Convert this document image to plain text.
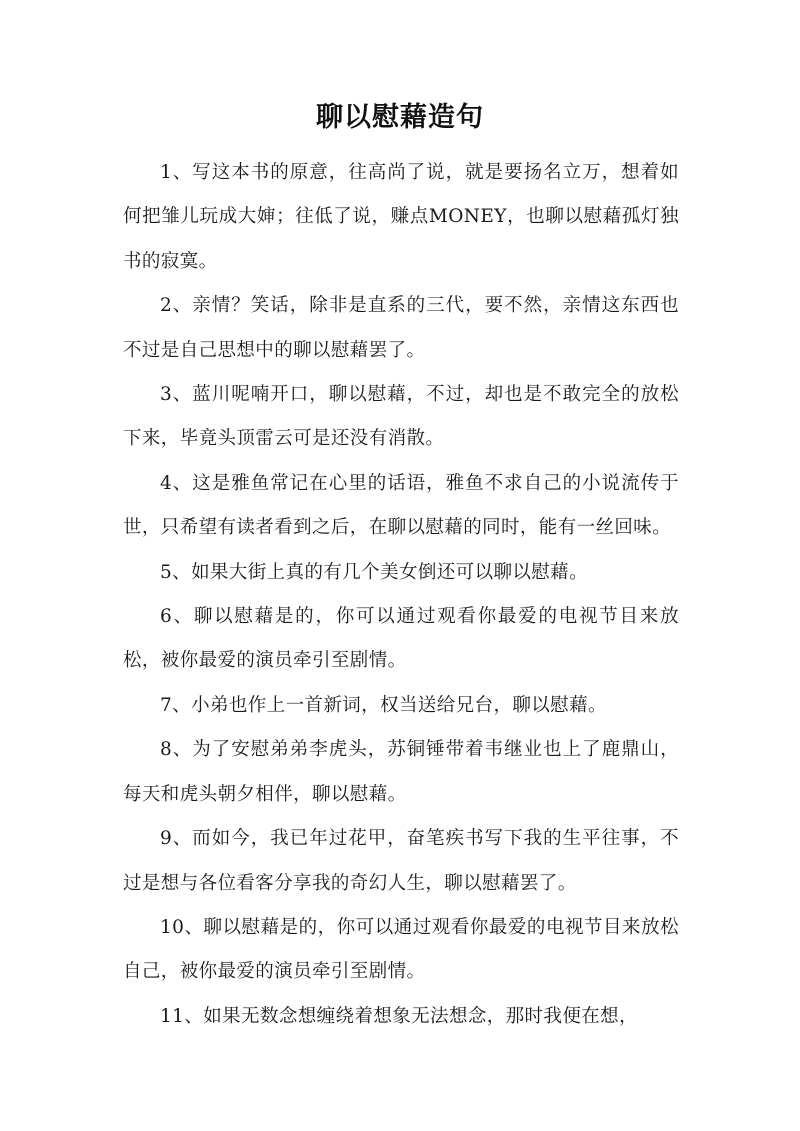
聊以慰藉造句

1、写这本书的原意，往高尚了说，就是要扬名立万，想着如何把雏儿玩成大婶；往低了说，赚点MONEY，也聊以慰藉孤灯独书的寂寞。

2、亲情？笑话，除非是直系的三代，要不然，亲情这东西也不过是自己思想中的聊以慰藉罢了。

3、蓝川呢喃开口，聊以慰藉，不过，却也是不敢完全的放松下来，毕竟头顶雷云可是还没有消散。

4、这是雅鱼常记在心里的话语，雅鱼不求自己的小说流传于世，只希望有读者看到之后，在聊以慰藉的同时，能有一丝回味。

5、如果大街上真的有几个美女倒还可以聊以慰藉。

6、聊以慰藉是的，你可以通过观看你最爱的电视节目来放松，被你最爱的演员牵引至剧情。

7、小弟也作上一首新词，权当送给兄台，聊以慰藉。

8、为了安慰弟弟李虎头，苏铜锤带着韦继业也上了鹿鼎山，每天和虎头朝夕相伴，聊以慰藉。

9、而如今，我已年过花甲，奋笔疾书写下我的生平往事，不过是想与各位看客分享我的奇幻人生，聊以慰藉罢了。

10、聊以慰藉是的，你可以通过观看你最爱的电视节目来放松自己，被你最爱的演员牵引至剧情。

11、如果无数念想缠绕着想象无法想念，那时我便在想，
